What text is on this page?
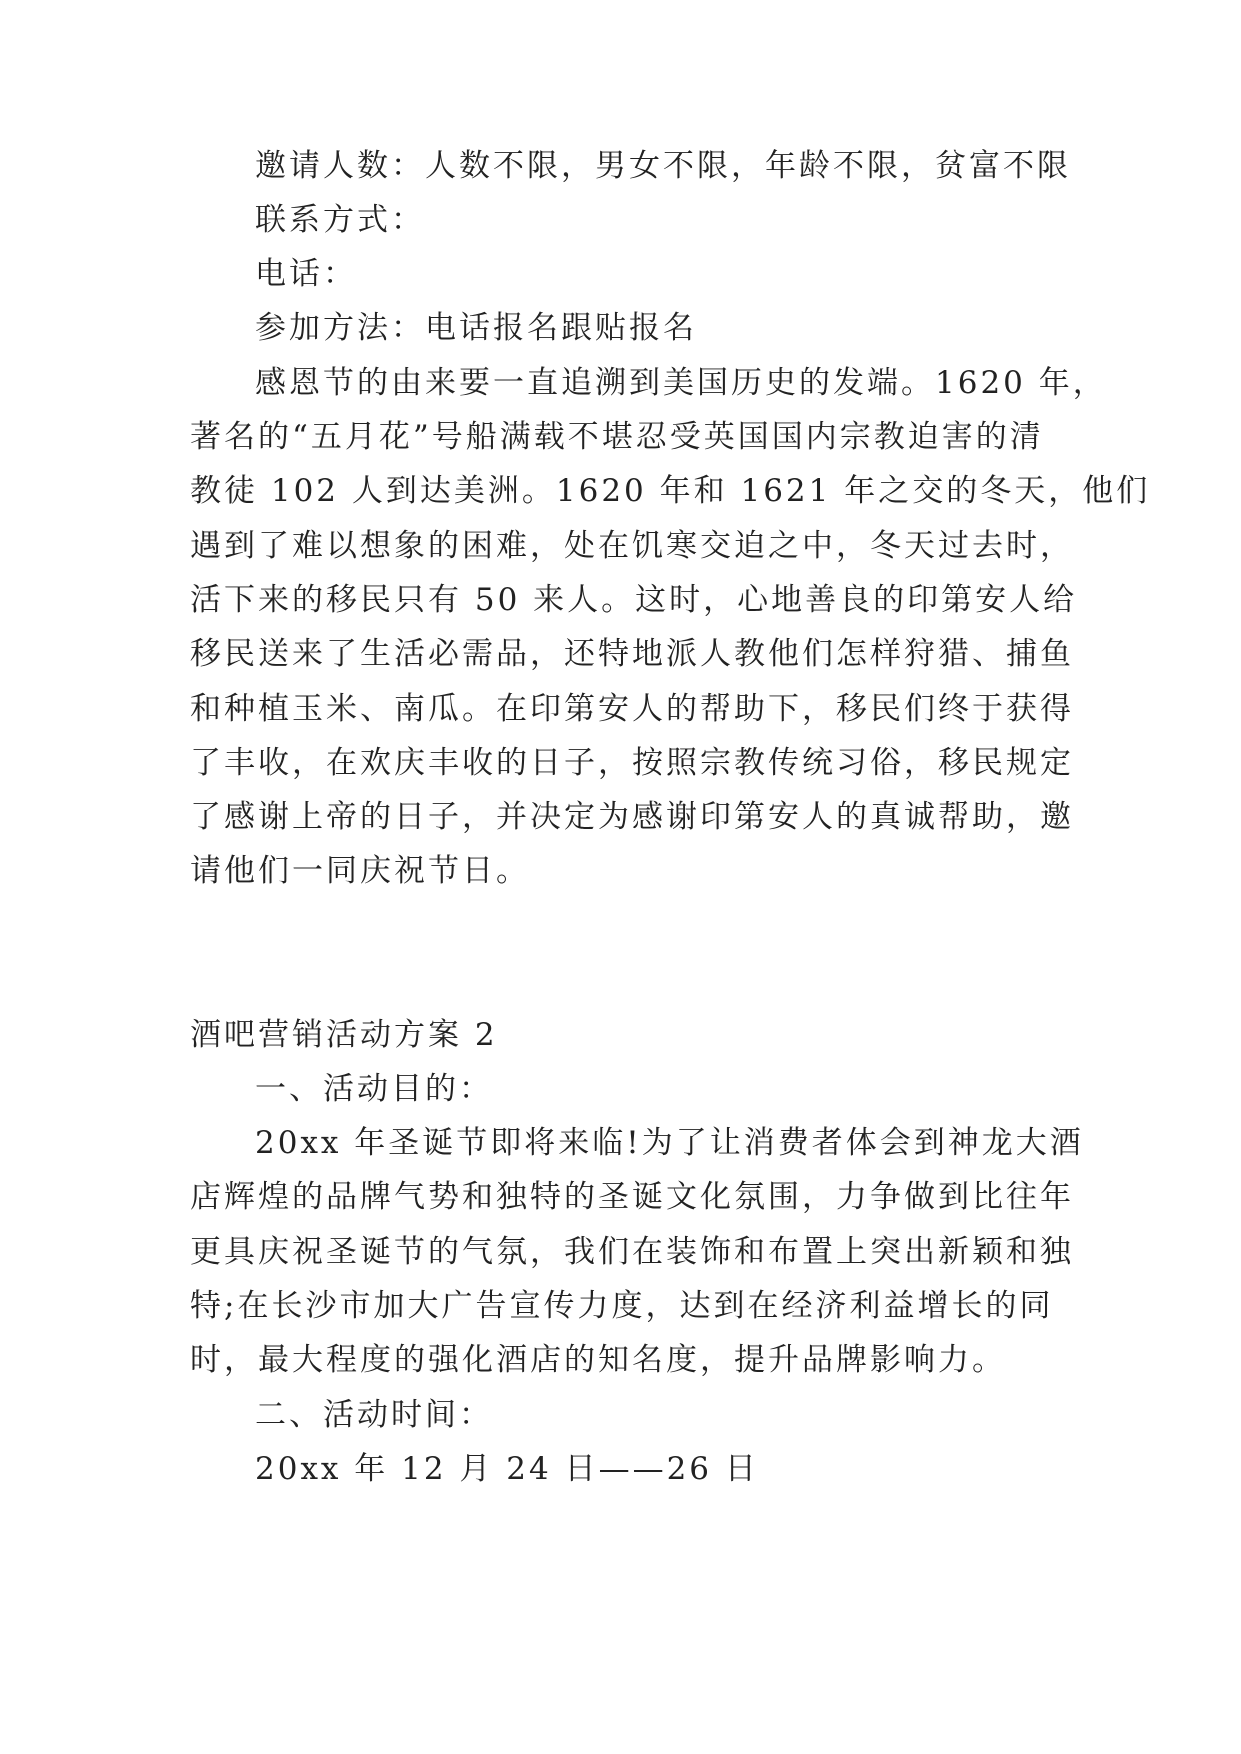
邀请人数：人数不限，男女不限，年龄不限，贫富不限
联系方式：
电话：
参加方法：电话报名跟贴报名
感恩节的由来要一直追溯到美国历史的发端。1620 年，
著名的“五月花”号船满载不堪忍受英国国内宗教迫害的清
教徒 102 人到达美洲。1620 年和 1621 年之交的冬天，他们
遇到了难以想象的困难，处在饥寒交迫之中，冬天过去时，
活下来的移民只有 50 来人。这时，心地善良的印第安人给
移民送来了生活必需品，还特地派人教他们怎样狩猎、捕鱼
和种植玉米、南瓜。在印第安人的帮助下，移民们终于获得
了丰收，在欢庆丰收的日子，按照宗教传统习俗，移民规定
了感谢上帝的日子，并决定为感谢印第安人的真诚帮助，邀
请他们一同庆祝节日。
酒吧营销活动方案 2
一、活动目的：
20xx 年圣诞节即将来临!为了让消费者体会到神龙大酒
店辉煌的品牌气势和独特的圣诞文化氛围，力争做到比往年
更具庆祝圣诞节的气氛，我们在装饰和布置上突出新颖和独
特;在长沙市加大广告宣传力度，达到在经济利益增长的同
时，最大程度的强化酒店的知名度，提升品牌影响力。
二、活动时间：
20xx 年 12 月 24 日——26 日
